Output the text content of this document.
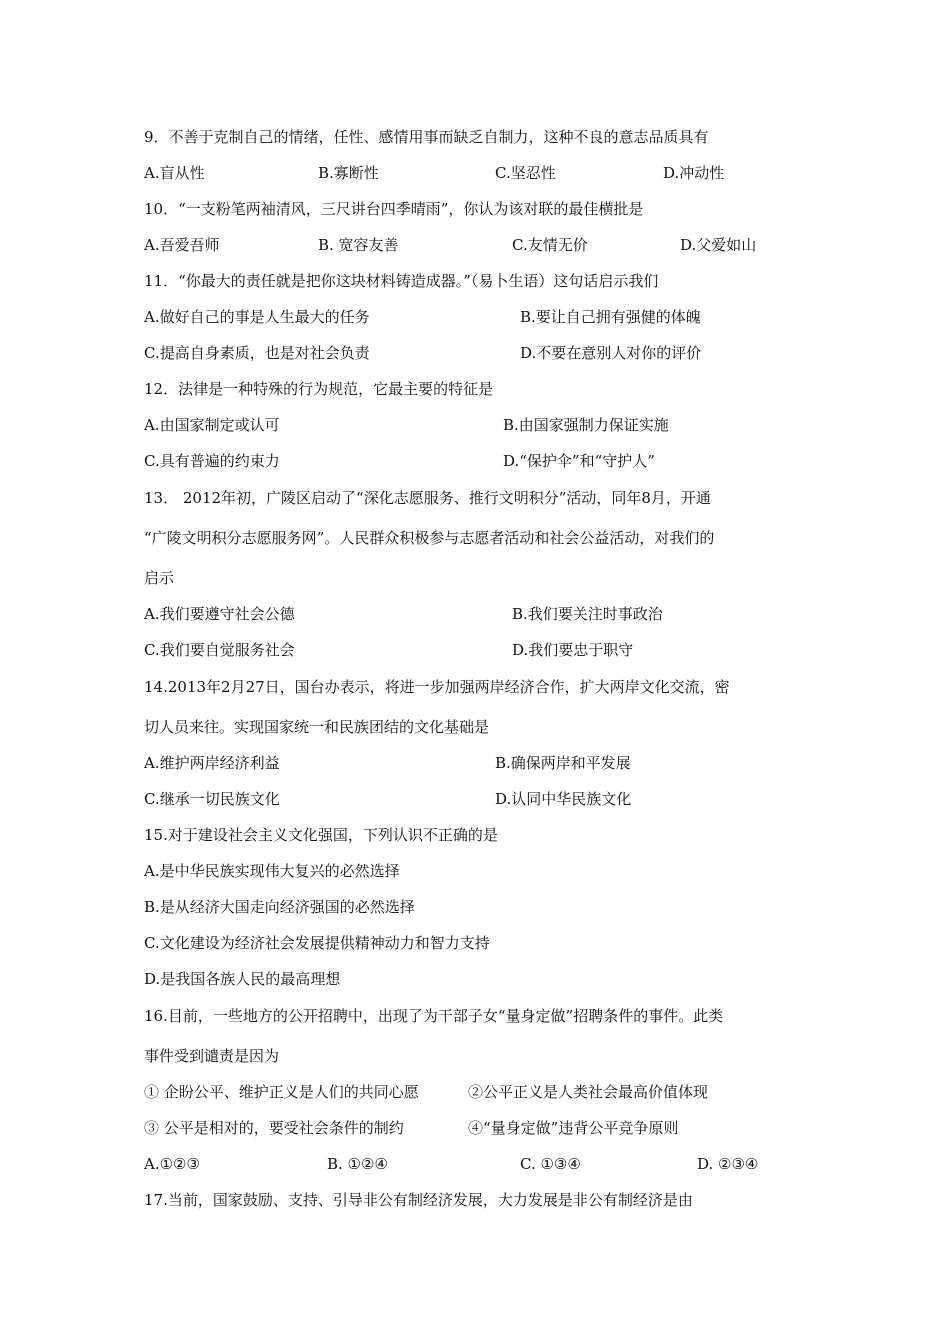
9．不善于克制自己的情绪，任性、感情用事而缺乏自制力，这种不良的意志品质具有
A.盲从性	B.寡断性	C.坚忍性	D.冲动性
10．“一支粉笔两袖清风，三尺讲台四季晴雨”，你认为该对联的最佳横批是
A.吾爱吾师	B. 宽容友善	C.友情无价	D.父爱如山
11．“你最大的责任就是把你这块材料铸造成器。”（易卜生语）这句话启示我们
A.做好自己的事是人生最大的任务	B.要让自己拥有强健的体魄
C.提高自身素质，也是对社会负责	D.不要在意别人对你的评价
12．法律是一种特殊的行为规范，它最主要的特征是
A.由国家制定或认可	B.由国家强制力保证实施
C.具有普遍的约束力	D.“保护伞”和“守护人”
13． 2012年初，广陵区启动了“深化志愿服务、推行文明积分”活动，同年8月，开通
“广陵文明积分志愿服务网”。人民群众积极参与志愿者活动和社会公益活动，对我们的
启示
A.我们要遵守社会公德	B.我们要关注时事政治
C.我们要自觉服务社会	D.我们要忠于职守
14.2013年2月27日，国台办表示，将进一步加强两岸经济合作，扩大两岸文化交流，密
切人员来往。实现国家统一和民族团结的文化基础是
A.维护两岸经济利益	B.确保两岸和平发展
C.继承一切民族文化	D.认同中华民族文化
15.对于建设社会主义文化强国，下列认识不正确的是
A.是中华民族实现伟大复兴的必然选择
B.是从经济大国走向经济强国的必然选择
C.文化建设为经济社会发展提供精神动力和智力支持
D.是我国各族人民的最高理想
16.目前，一些地方的公开招聘中，出现了为干部子女“量身定做”招聘条件的事件。此类
事件受到谴责是因为
① 企盼公平、维护正义是人们的共同心愿	②公平正义是人类社会最高价值体现
③ 公平是相对的，要受社会条件的制约	④“量身定做”违背公平竞争原则
A.①②③	B. ①②④	C. ①③④	D. ②③④
17.当前，国家鼓励、支持、引导非公有制经济发展，大力发展是非公有制经济是由
